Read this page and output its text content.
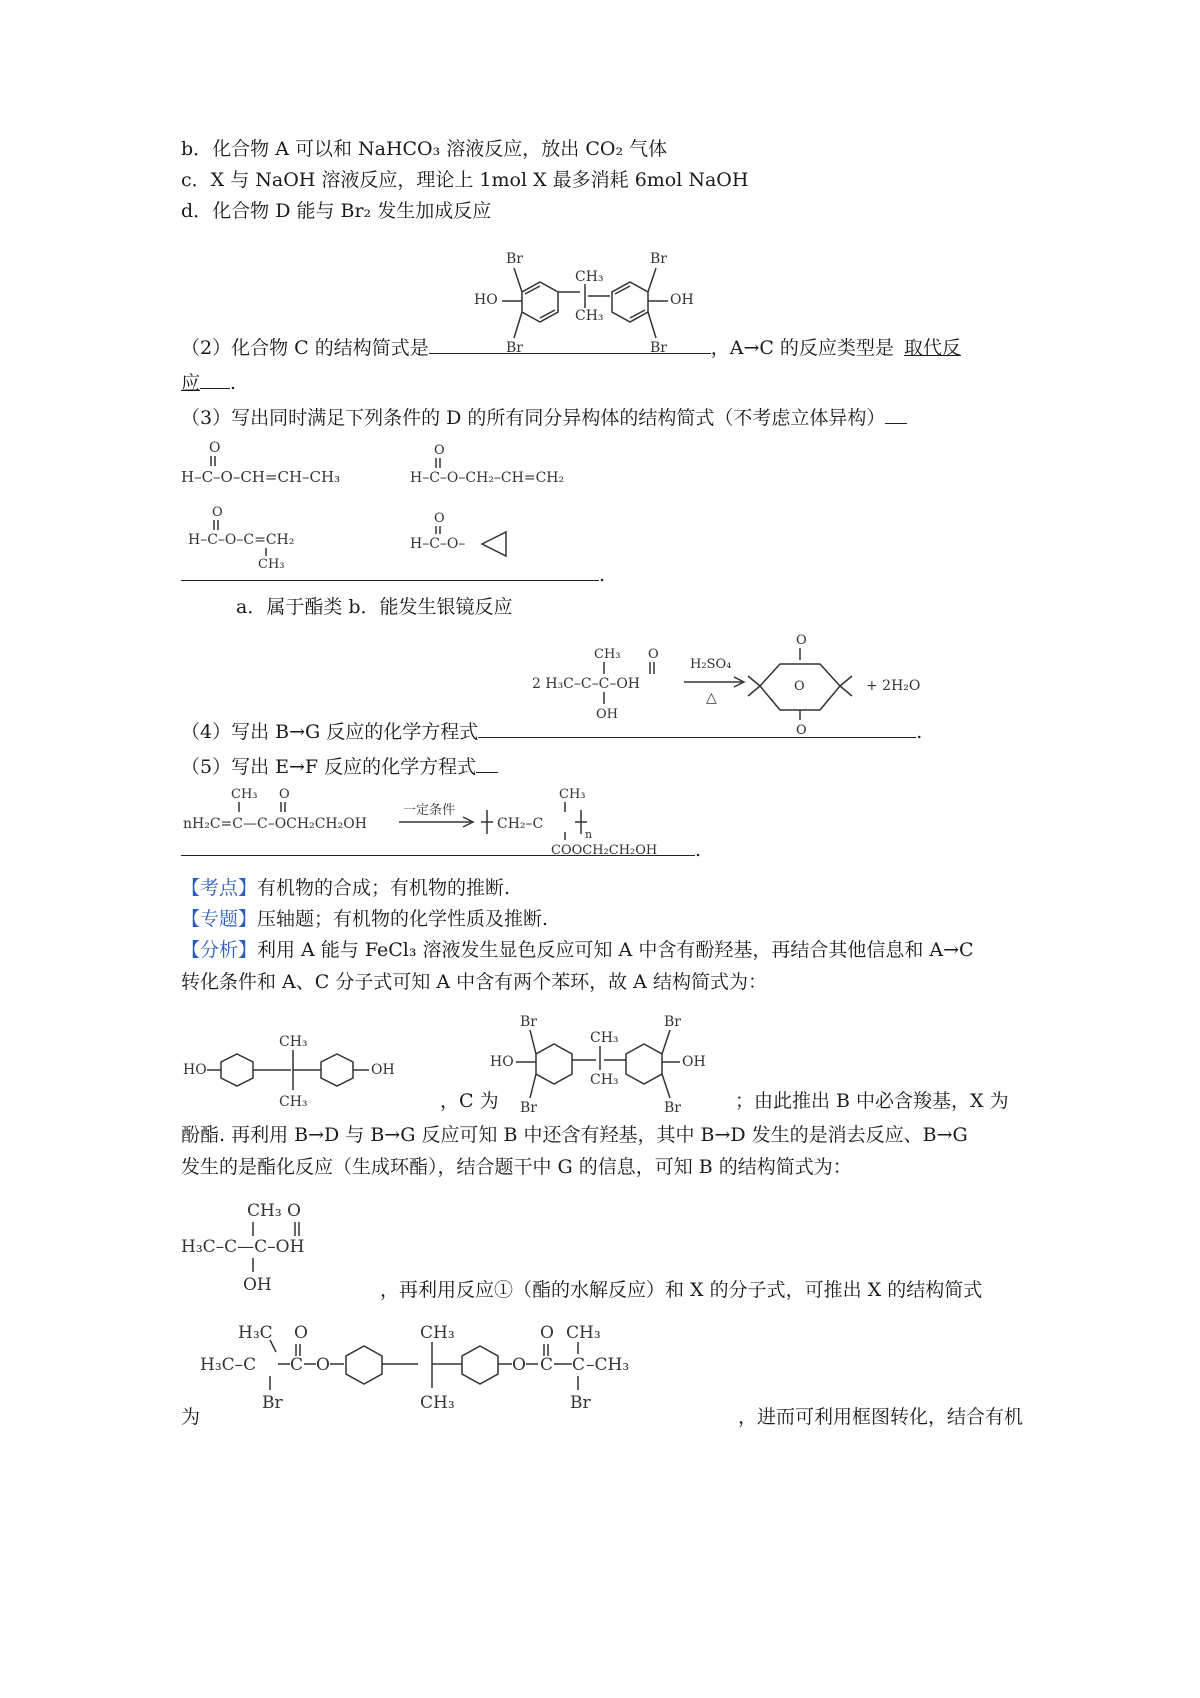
b．化合物 A 可以和 NaHCO₃ 溶液反应，放出 CO₂ 气体
c．X 与 NaOH 溶液反应，理论上 1mol X 最多消耗 6mol NaOH
d．化合物 D 能与 Br₂ 发生加成反应
Br
HO
Br
CH₃
CH₃
Br
OH
Br
（2）化合物 C 的结构简式是	，A→C 的反应类型是 取代反
应 .
（3）写出同时满足下列条件的 D 的所有同分异构体的结构简式（不考虑立体异构）
O
H–C–O–CH=CH–CH₃
O
H–C–O–CH₂–CH=CH₂
O
H–C–O–C=CH₂
CH₃
O
H–C–O–
.
a．属于酯类 b．能发生银镜反应
CH₃ O
2 H₃C–C–C–OH
OH
H₂SO₄
△
O
O
O
+ 2H₂O
（4）写出 B→G 反应的化学方程式	.
（5）写出 E→F 反应的化学方程式
CH₃ O
nH₂C=C—C–OCH₂CH₂OH
一定条件
CH₂–C
CH₃
n
COOCH₂CH₂OH	.
【考点】有机物的合成；有机物的推断.
【专题】压轴题；有机物的化学性质及推断.
【分析】利用 A 能与 FeCl₃ 溶液发生显色反应可知 A 中含有酚羟基，再结合其他信息和 A→C
转化条件和 A、C 分子式可知 A 中含有两个苯环，故 A 结构简式为：
HO
CH₃
CH₃
OH
Br
HO
Br
CH₃
CH₃
Br
OH
Br
，C 为	；由此推出 B 中必含羧基，X 为
酚酯. 再利用 B→D 与 B→G 反应可知 B 中还含有羟基，其中 B→D 发生的是消去反应、B→G
发生的是酯化反应（生成环酯），结合题干中 G 的信息，可知 B 的结构简式为：
CH₃ O
H₃C–C—C–OH
OH	，再利用反应①（酯的水解反应）和 X 的分子式，可推出 X 的结构简式
H₃C O
H₃C–C C O
Br
CH₃
CH₃
O C
O
C
CH₃
–CH₃
Br
为	，进而可利用框图转化，结合有机
